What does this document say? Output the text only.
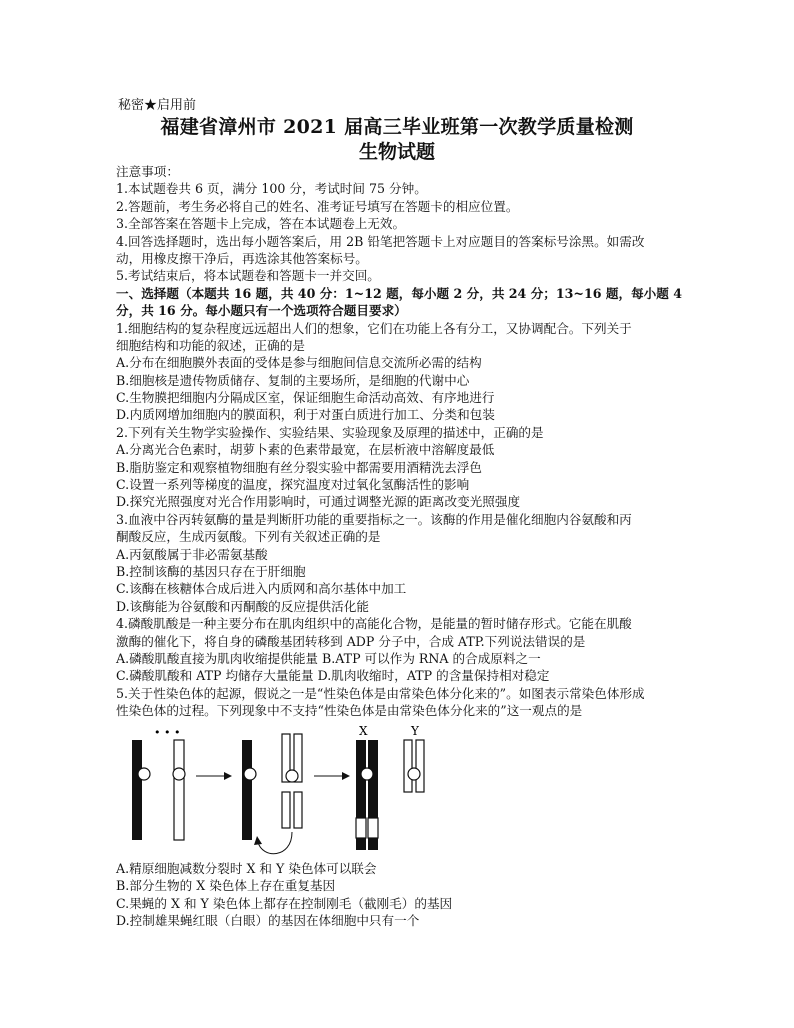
秘密★启用前
福建省漳州市 2021 届高三毕业班第一次教学质量检测
生物试题
注意事项：
1.本试题卷共 6 页，满分 100 分，考试时间 75 分钟。
2.答题前，考生务必将自己的姓名、准考证号填写在答题卡的相应位置。
3.全部答案在答题卡上完成，答在本试题卷上无效。
4.回答选择题时，选出每小题答案后，用 2B 铅笔把答题卡上对应题目的答案标号涂黑。如需改
动，用橡皮擦干净后，再选涂其他答案标号。
5.考试结束后，将本试题卷和答题卡一并交回。
一、选择题（本题共 16 题，共 40 分：1~12 题，每小题 2 分，共 24 分；13~16 题，每小题 4
分，共 16 分。每小题只有一个选项符合题目要求）
1.细胞结构的复杂程度远远超出人们的想象，它们在功能上各有分工，又协调配合。下列关于
细胞结构和功能的叙述，正确的是
A.分布在细胞膜外表面的受体是参与细胞间信息交流所必需的结构
B.细胞核是遗传物质储存、复制的主要场所，是细胞的代谢中心
C.生物膜把细胞内分隔成区室，保证细胞生命活动高效、有序地进行
D.内质网增加细胞内的膜面积，利于对蛋白质进行加工、分类和包装
2.下列有关生物学实验操作、实验结果、实验现象及原理的描述中，正确的是
A.分离光合色素时，胡萝卜素的色素带最宽，在层析液中溶解度最低
B.脂肪鉴定和观察植物细胞有丝分裂实验中都需要用酒精洗去浮色
C.设置一系列等梯度的温度，探究温度对过氧化氢酶活性的影响
D.探究光照强度对光合作用影响时，可通过调整光源的距离改变光照强度
3.血液中谷丙转氨酶的量是判断肝功能的重要指标之一。该酶的作用是催化细胞内谷氨酸和丙
酮酸反应，生成丙氨酸。下列有关叙述正确的是
A.丙氨酸属于非必需氨基酸
B.控制该酶的基因只存在于肝细胞
C.该酶在核糖体合成后进入内质网和高尔基体中加工
D.该酶能为谷氨酸和丙酮酸的反应提供活化能
4.磷酸肌酸是一种主要分布在肌肉组织中的高能化合物，是能量的暂时储存形式。它能在肌酸
激酶的催化下，将自身的磷酸基团转移到 ADP 分子中，合成 ATP.下列说法错误的是
A.磷酸肌酸直接为肌肉收缩提供能量 B.ATP 可以作为 RNA 的合成原料之一
C.磷酸肌酸和 ATP 均储存大量能量 D.肌肉收缩时，ATP 的含量保持相对稳定
5.关于性染色体的起源，假说之一是“性染色体是由常染色体分化来的”。如图表示常染色体形成
性染色体的过程。下列现象中不支持“性染色体是由常染色体分化来的”这一观点的是
• • •	X	Y
A.精原细胞减数分裂时 X 和 Y 染色体可以联会
B.部分生物的 X 染色体上存在重复基因
C.果蝇的 X 和 Y 染色体上都存在控制刚毛（截刚毛）的基因
D.控制雄果蝇红眼（白眼）的基因在体细胞中只有一个
